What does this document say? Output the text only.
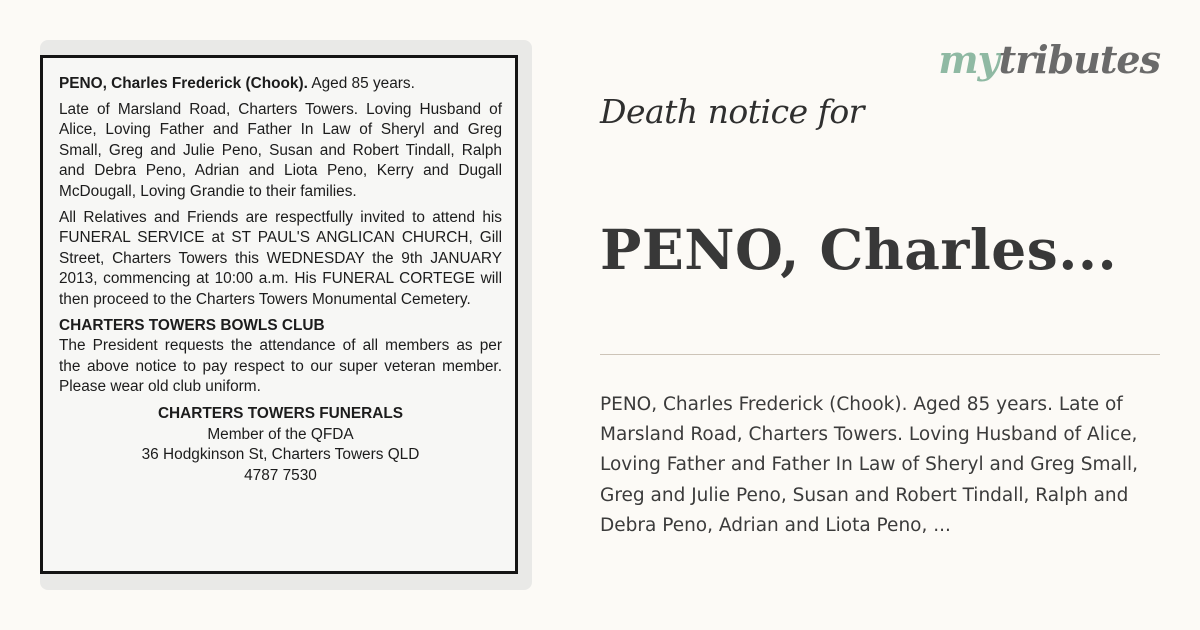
PENO, Charles Frederick (Chook). Aged 85 years.

Late of Marsland Road, Charters Towers. Loving Husband of Alice, Loving Father and Father In Law of Sheryl and Greg Small, Greg and Julie Peno, Susan and Robert Tindall, Ralph and Debra Peno, Adrian and Liota Peno, Kerry and Dugall McDougall, Loving Grandie to their families.

All Relatives and Friends are respectfully invited to attend his FUNERAL SERVICE at ST PAUL'S ANGLICAN CHURCH, Gill Street, Charters Towers this WEDNESDAY the 9th JANUARY 2013, commencing at 10:00 a.m. His FUNERAL CORTEGE will then proceed to the Charters Towers Monumental Cemetery.

CHARTERS TOWERS BOWLS CLUB

The President requests the attendance of all members as per the above notice to pay respect to our super veteran member. Please wear old club uniform.

CHARTERS TOWERS FUNERALS

Member of the QFDA

36 Hodgkinson St, Charters Towers QLD

4787 7530

mytributes
Death notice for
PENO, Charles...

PENO, Charles Frederick (Chook). Aged 85 years. Late of Marsland Road, Charters Towers. Loving Husband of Alice, Loving Father and Father In Law of Sheryl and Greg Small, Greg and Julie Peno, Susan and Robert Tindall, Ralph and Debra Peno, Adrian and Liota Peno, ...
